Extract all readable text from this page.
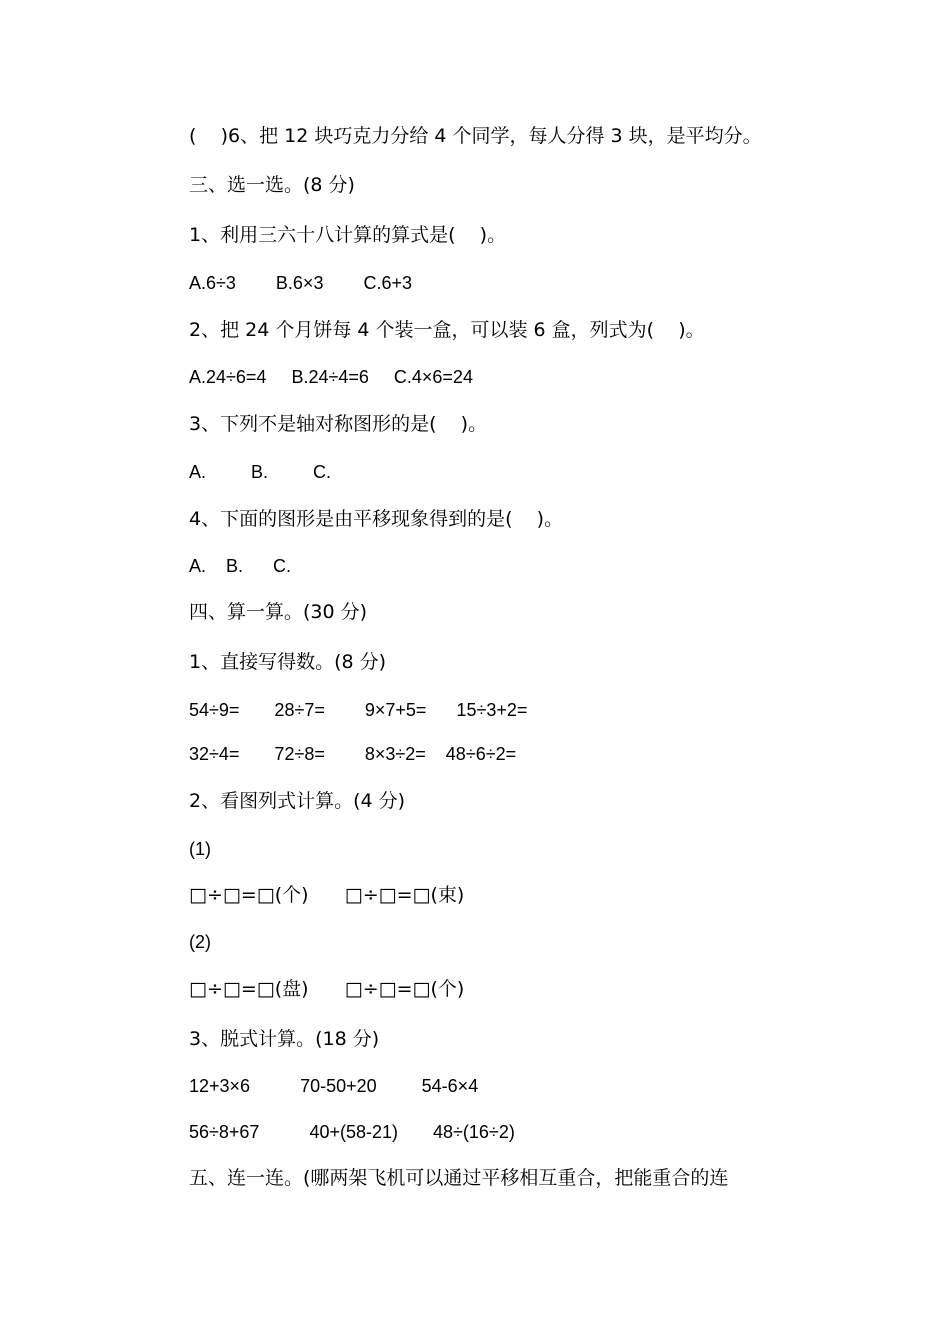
(    )6、把 12 块巧克力分给 4 个同学，每人分得 3 块，是平均分。
三、选一选。(8 分)
1、利用三六十八计算的算式是(    )。
A.6÷3        B.6×3        C.6+3
2、把 24 个月饼每 4 个装一盒，可以装 6 盒，列式为(    )。
A.24÷6=4     B.24÷4=6     C.4×6=24
3、下列不是轴对称图形的是(    )。
A.         B.         C.
4、下面的图形是由平移现象得到的是(    )。
A.    B.      C.
四、算一算。(30 分)
1、直接写得数。(8 分)
54÷9=       28÷7=        9×7+5=      15÷3+2=
32÷4=       72÷8=        8×3÷2=    48÷6÷2=
2、看图列式计算。(4 分)
(1)
□÷□=□(个)      □÷□=□(束)
(2)
□÷□=□(盘)      □÷□=□(个)
3、脱式计算。(18 分)
12+3×6          70-50+20         54-6×4
56÷8+67          40+(58-21)       48÷(16÷2)
五、连一连。(哪两架飞机可以通过平移相互重合，把能重合的连
